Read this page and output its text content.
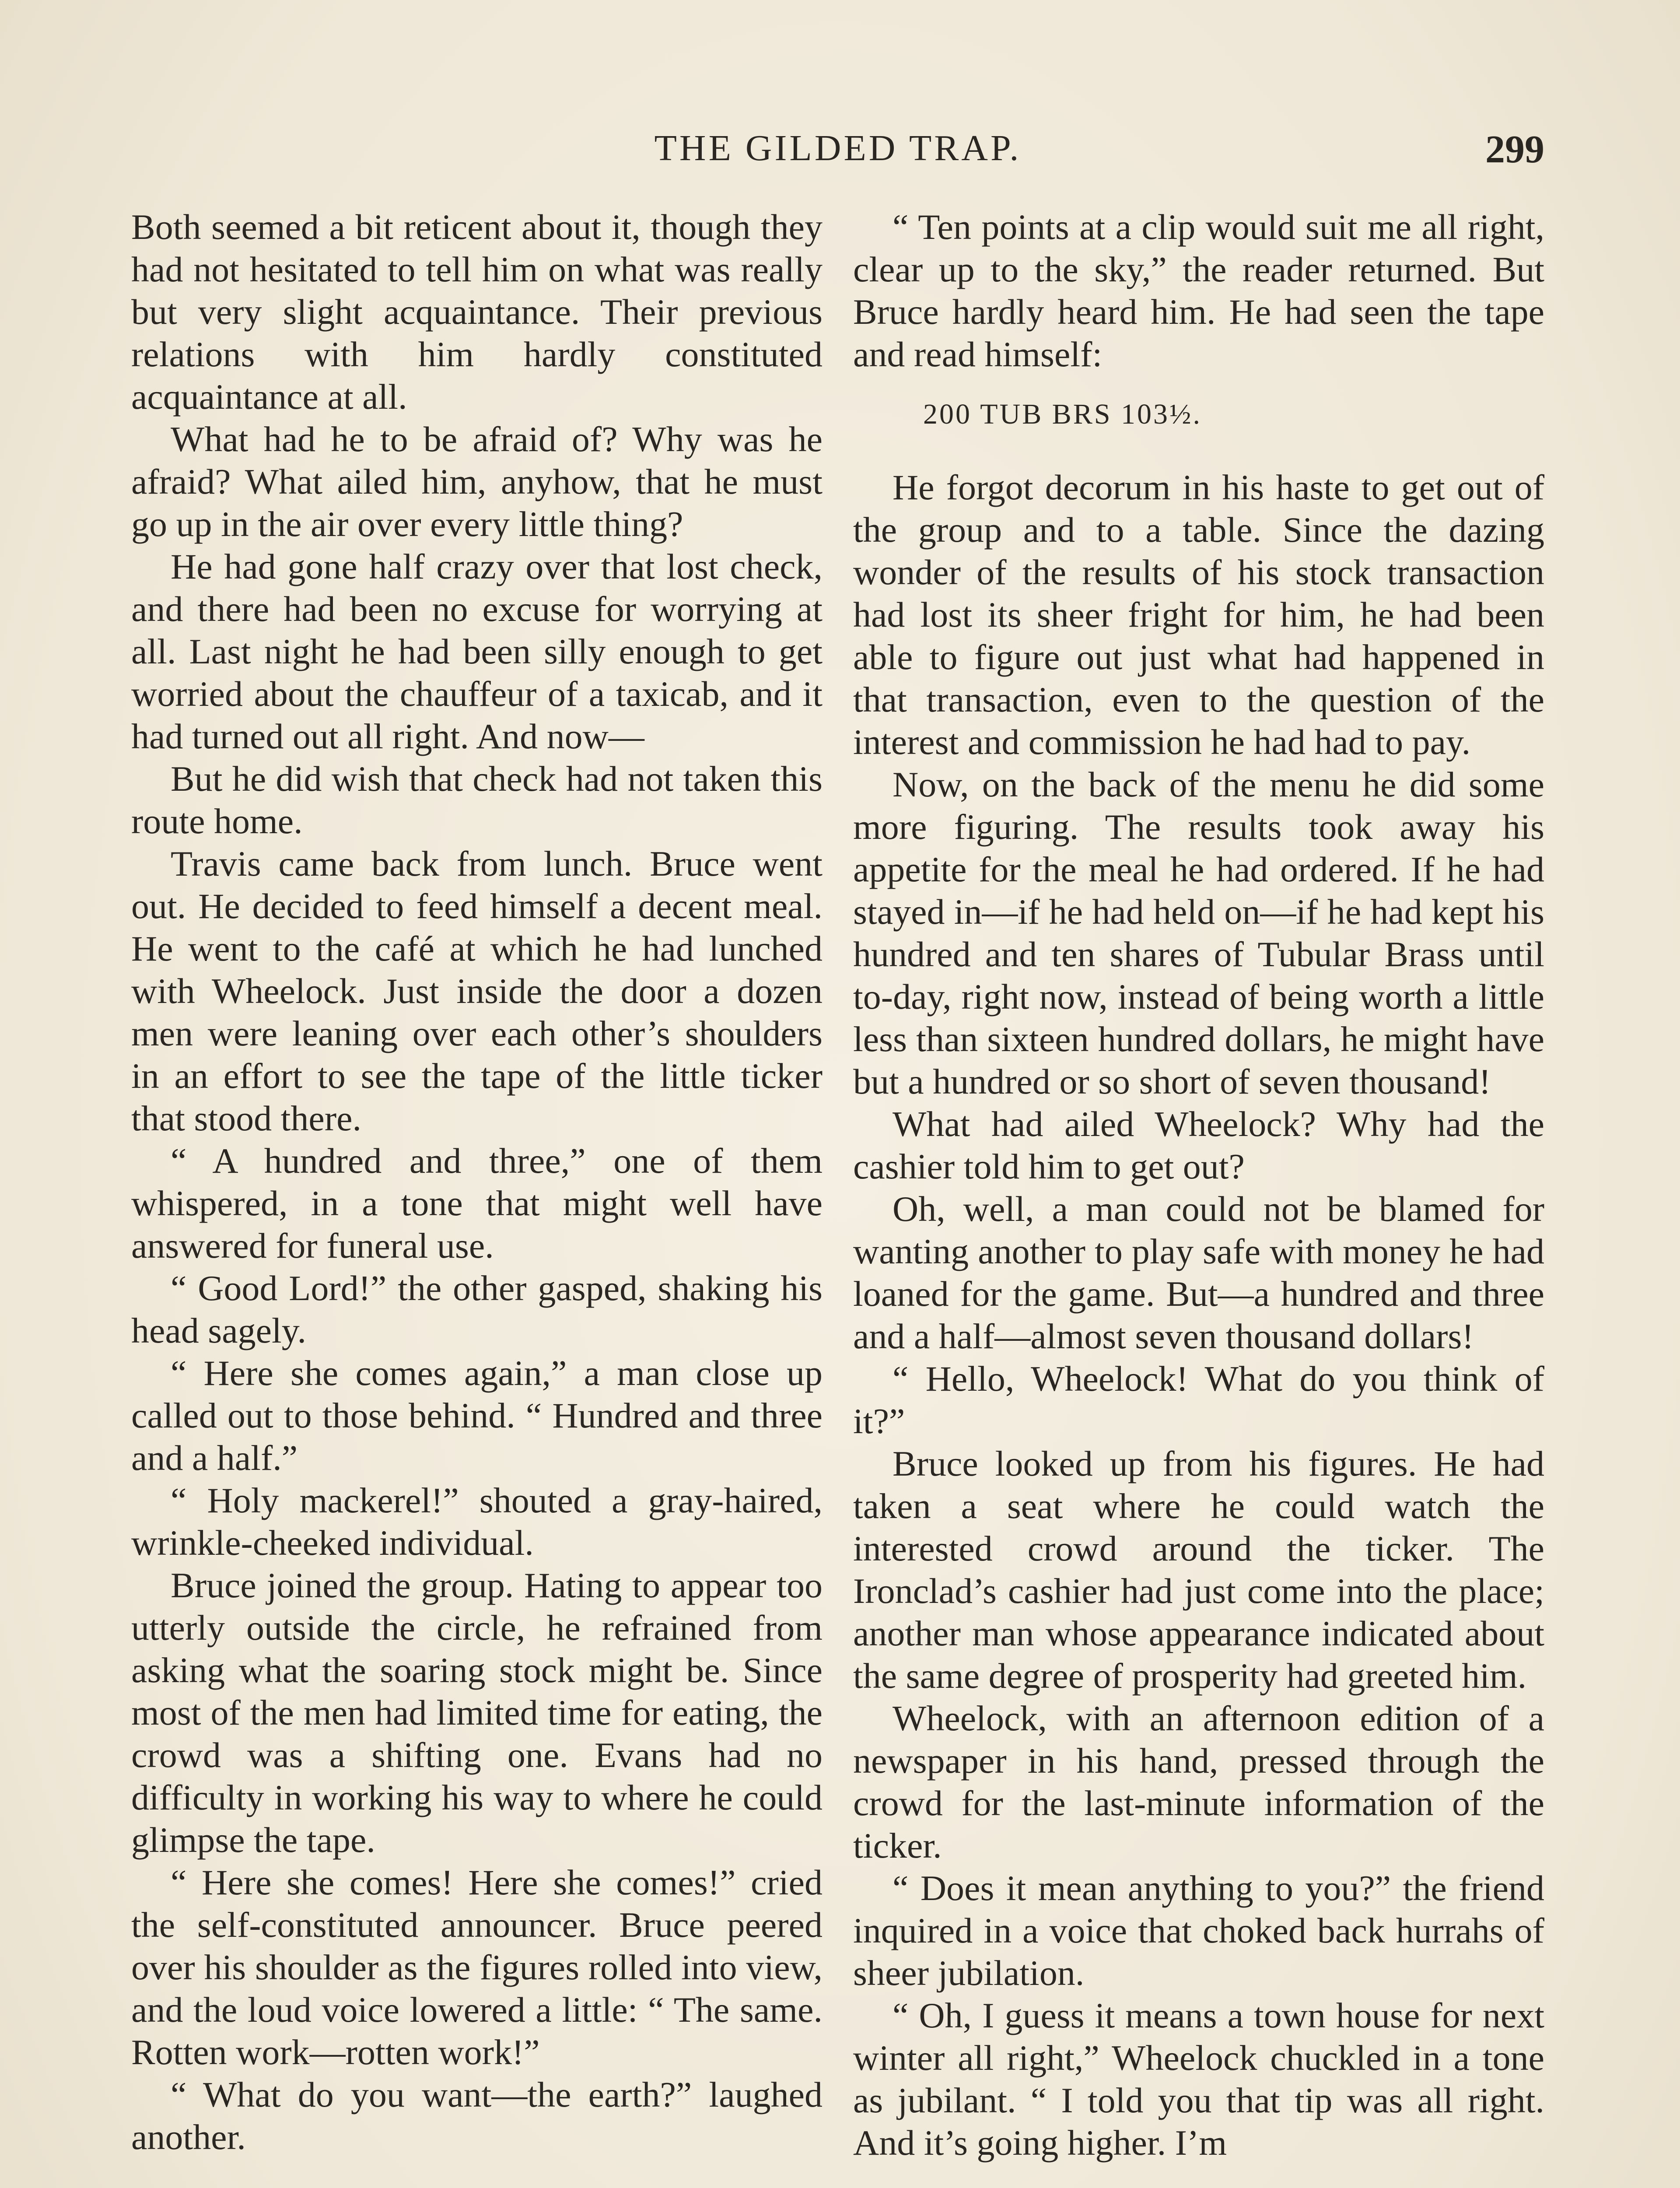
THE GILDED TRAP.	299

Both seemed a bit reticent about it, though they had not hesitated to tell him on what was really but very slight acquaintance. Their previous relations with him hardly constituted acquaintance at all.

What had he to be afraid of? Why was he afraid? What ailed him, anyhow, that he must go up in the air over every little thing?

He had gone half crazy over that lost check, and there had been no excuse for worrying at all. Last night he had been silly enough to get worried about the chauffeur of a taxicab, and it had turned out all right. And now—

But he did wish that check had not taken this route home.

Travis came back from lunch. Bruce went out. He decided to feed himself a decent meal. He went to the café at which he had lunched with Wheelock. Just inside the door a dozen men were leaning over each other’s shoulders in an effort to see the tape of the little ticker that stood there.

“ A hundred and three,” one of them whispered, in a tone that might well have answered for funeral use.

“ Good Lord!” the other gasped, shaking his head sagely.

“ Here she comes again,” a man close up called out to those behind. “ Hundred and three and a half.”

“ Holy mackerel!” shouted a gray-haired, wrinkle-cheeked individual.

Bruce joined the group. Hating to appear too utterly outside the circle, he refrained from asking what the soaring stock might be. Since most of the men had limited time for eating, the crowd was a shifting one. Evans had no difficulty in working his way to where he could glimpse the tape.

“ Here she comes! Here she comes!” cried the self-constituted announcer. Bruce peered over his shoulder as the figures rolled into view, and the loud voice lowered a little: “ The same. Rotten work—rotten work!”

“ What do you want—the earth?” laughed another.

“ Ten points at a clip would suit me all right, clear up to the sky,” the reader returned. But Bruce hardly heard him. He had seen the tape and read himself:

200 TUB BRS 103½.

He forgot decorum in his haste to get out of the group and to a table. Since the dazing wonder of the results of his stock transaction had lost its sheer fright for him, he had been able to figure out just what had happened in that transaction, even to the question of the interest and commission he had had to pay.

Now, on the back of the menu he did some more figuring. The results took away his appetite for the meal he had ordered. If he had stayed in—if he had held on—if he had kept his hundred and ten shares of Tubular Brass until to-day, right now, instead of being worth a little less than sixteen hundred dollars, he might have but a hundred or so short of seven thousand!

What had ailed Wheelock? Why had the cashier told him to get out?

Oh, well, a man could not be blamed for wanting another to play safe with money he had loaned for the game. But—a hundred and three and a half—almost seven thousand dollars!

“ Hello, Wheelock! What do you think of it?”

Bruce looked up from his figures. He had taken a seat where he could watch the interested crowd around the ticker. The Ironclad’s cashier had just come into the place; another man whose appearance indicated about the same degree of prosperity had greeted him.

Wheelock, with an afternoon edition of a newspaper in his hand, pressed through the crowd for the last-minute information of the ticker.

“ Does it mean anything to you?” the friend inquired in a voice that choked back hurrahs of sheer jubilation.

“ Oh, I guess it means a town house for next winter all right,” Wheelock chuckled in a tone as jubilant. “ I told you that tip was all right. And it’s going higher. I’m
